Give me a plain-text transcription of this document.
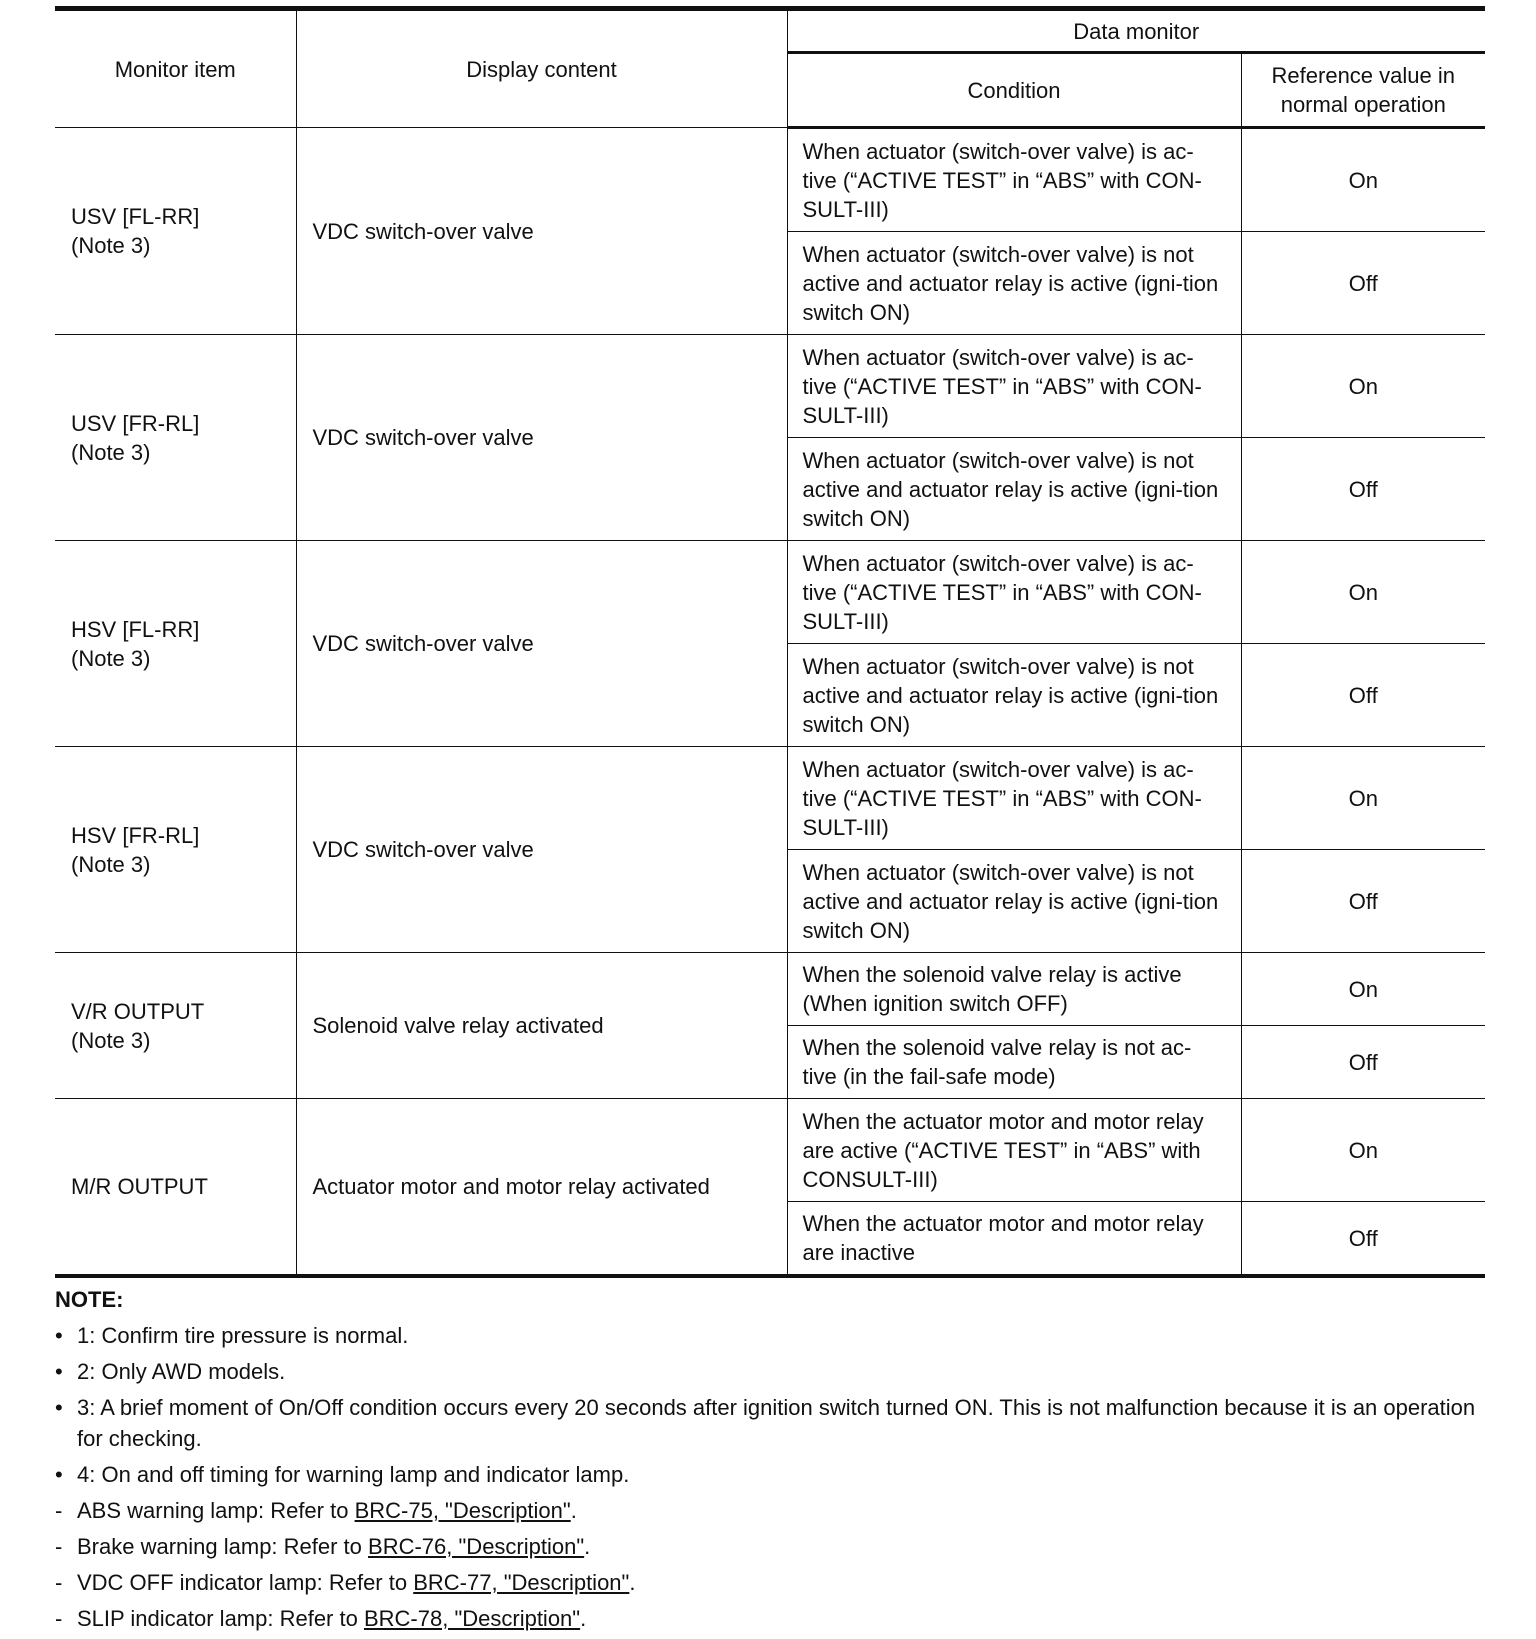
Monitor item	Display content	Data monitor	
		Condition	Reference value in normal operation

USV [FL-RR]
(Note 3)	VDC switch-over valve	When actuator (switch-over valve) is ac-tive (“ACTIVE TEST” in “ABS” with CON-SULT-III)	On
		When actuator (switch-over valve) is not active and actuator relay is active (igni-tion switch ON)	Off

USV [FR-RL]
(Note 3)	VDC switch-over valve	When actuator (switch-over valve) is ac-tive (“ACTIVE TEST” in “ABS” with CON-SULT-III)	On
		When actuator (switch-over valve) is not active and actuator relay is active (igni-tion switch ON)	Off

HSV [FL-RR]
(Note 3)	VDC switch-over valve	When actuator (switch-over valve) is ac-tive (“ACTIVE TEST” in “ABS” with CON-SULT-III)	On
		When actuator (switch-over valve) is not active and actuator relay is active (igni-tion switch ON)	Off

HSV [FR-RL]
(Note 3)	VDC switch-over valve	When actuator (switch-over valve) is ac-tive (“ACTIVE TEST” in “ABS” with CON-SULT-III)	On
		When actuator (switch-over valve) is not active and actuator relay is active (igni-tion switch ON)	Off

V/R OUTPUT
(Note 3)	Solenoid valve relay activated	When the solenoid valve relay is active (When ignition switch OFF)	On
		When the solenoid valve relay is not ac-tive (in the fail-safe mode)	Off

M/R OUTPUT	Actuator motor and motor relay activated	When the actuator motor and motor relay are active (“ACTIVE TEST” in “ABS” with CONSULT-III)	On
		When the actuator motor and motor relay are inactive	Off
NOTE:
• 1: Confirm tire pressure is normal.
• 2: Only AWD models.
• 3: A brief moment of On/Off condition occurs every 20 seconds after ignition switch turned ON. This is not malfunction because it is an operation for checking.
• 4: On and off timing for warning lamp and indicator lamp.
- ABS warning lamp: Refer to BRC-75, "Description".
- Brake warning lamp: Refer to BRC-76, "Description".
- VDC OFF indicator lamp: Refer to BRC-77, "Description".
- SLIP indicator lamp: Refer to BRC-78, "Description".
